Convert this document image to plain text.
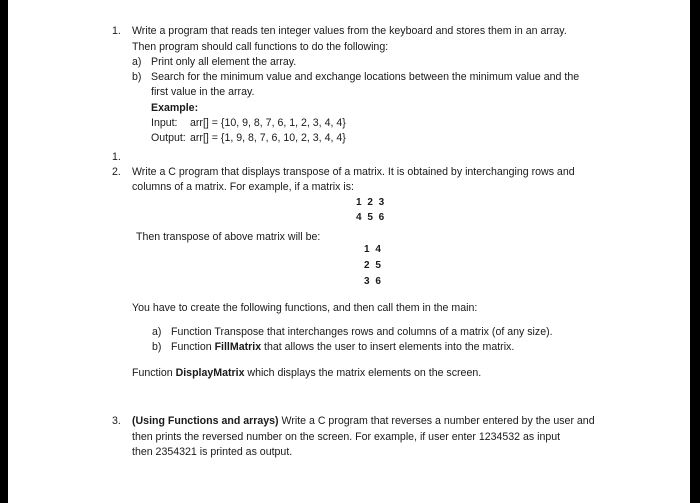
1. Write a program that reads ten integer values from the keyboard and stores them in an array.
Then program should call functions to do the following:
a) Print only all element the array.
b) Search for the minimum value and exchange locations between the minimum value and the
first value in the array.
Example:
Input: arr[] = {10, 9, 8, 7, 6, 1, 2, 3, 4, 4}
Output: arr[] = {1, 9, 8, 7, 6, 10, 2, 3, 4, 4}
1.
2. Write a C program that displays transpose of a matrix. It is obtained by interchanging rows and
columns of a matrix. For example, if a matrix is:
1 2 3
4 5 6
Then transpose of above matrix will be:
1 4
2 5
3 6
You have to create the following functions, and then call them in the main:
a) Function Transpose that interchanges rows and columns of a matrix (of any size).
b) Function FillMatrix that allows the user to insert elements into the matrix.
Function DisplayMatrix which displays the matrix elements on the screen.
3. (Using Functions and arrays) Write a C program that reverses a number entered by the user and
then prints the reversed number on the screen. For example, if user enter 1234532 as input
then 2354321 is printed as output.
